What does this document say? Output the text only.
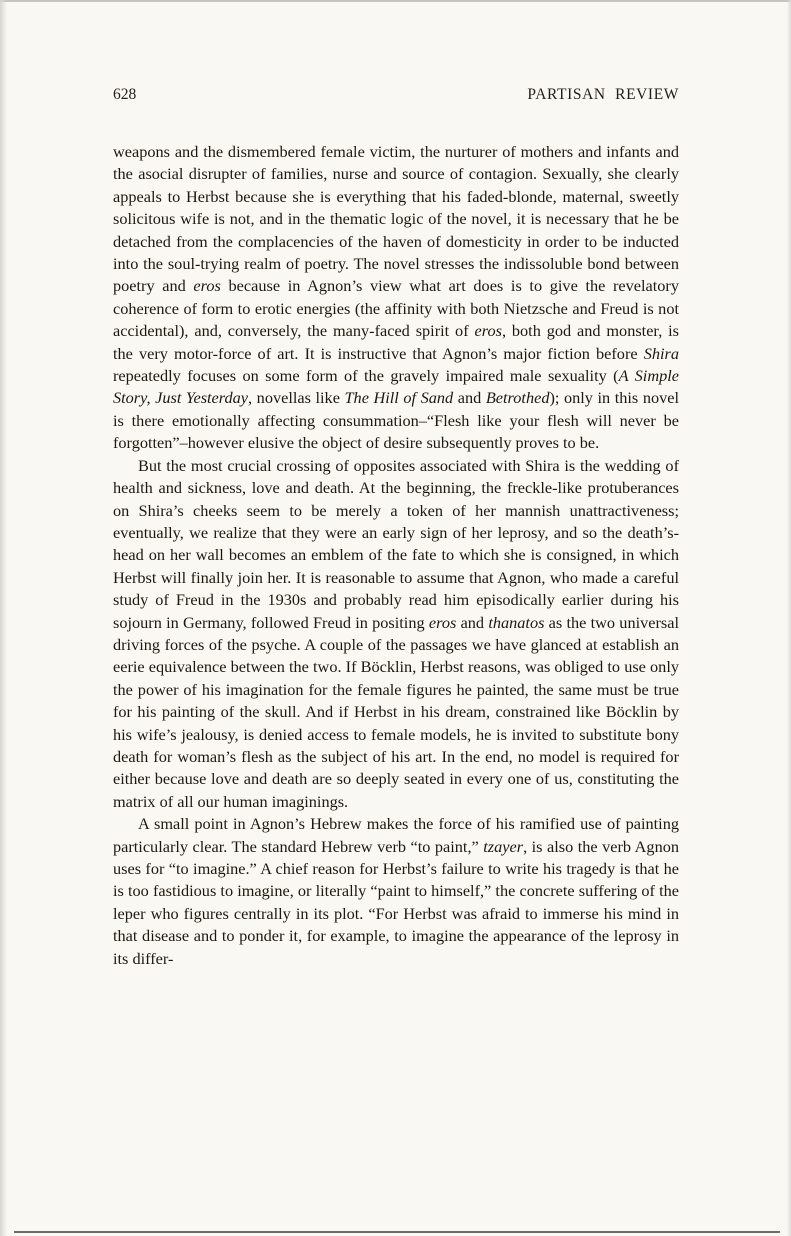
628	PARTISAN REVIEW

weapons and the dismembered female victim, the nurturer of mothers and infants and the asocial disrupter of families, nurse and source of contagion. Sexually, she clearly appeals to Herbst because she is everything that his faded-blonde, maternal, sweetly solicitous wife is not, and in the thematic logic of the novel, it is necessary that he be detached from the complacencies of the haven of domesticity in order to be inducted into the soul-trying realm of poetry. The novel stresses the indissoluble bond between poetry and eros because in Agnon’s view what art does is to give the revelatory coherence of form to erotic energies (the affinity with both Nietzsche and Freud is not accidental), and, conversely, the many-faced spirit of eros, both god and monster, is the very motor-force of art. It is instructive that Agnon’s major fiction before Shira repeatedly focuses on some form of the gravely impaired male sexuality (A Simple Story, Just Yesterday, novellas like The Hill of Sand and Betrothed); only in this novel is there emotionally affecting consummation–“Flesh like your flesh will never be forgotten”–however elusive the object of desire subsequently proves to be.

But the most crucial crossing of opposites associated with Shira is the wedding of health and sickness, love and death. At the beginning, the freckle-like protuberances on Shira’s cheeks seem to be merely a token of her mannish unattractiveness; eventually, we realize that they were an early sign of her leprosy, and so the death’s-head on her wall becomes an emblem of the fate to which she is consigned, in which Herbst will finally join her. It is reasonable to assume that Agnon, who made a careful study of Freud in the 1930s and probably read him episodically earlier during his sojourn in Germany, followed Freud in positing eros and thanatos as the two universal driving forces of the psyche. A couple of the passages we have glanced at establish an eerie equivalence between the two. If Böcklin, Herbst reasons, was obliged to use only the power of his imagination for the female figures he painted, the same must be true for his painting of the skull. And if Herbst in his dream, constrained like Böcklin by his wife’s jealousy, is denied access to female models, he is invited to substitute bony death for woman’s flesh as the subject of his art. In the end, no model is required for either because love and death are so deeply seated in every one of us, constituting the matrix of all our human imaginings.

A small point in Agnon’s Hebrew makes the force of his ramified use of painting particularly clear. The standard Hebrew verb “to paint,” tzayer, is also the verb Agnon uses for “to imagine.” A chief reason for Herbst’s failure to write his tragedy is that he is too fastidious to imagine, or literally “paint to himself,” the concrete suffering of the leper who figures centrally in its plot. “For Herbst was afraid to immerse his mind in that disease and to ponder it, for example, to imagine the appearance of the leprosy in its differ-
